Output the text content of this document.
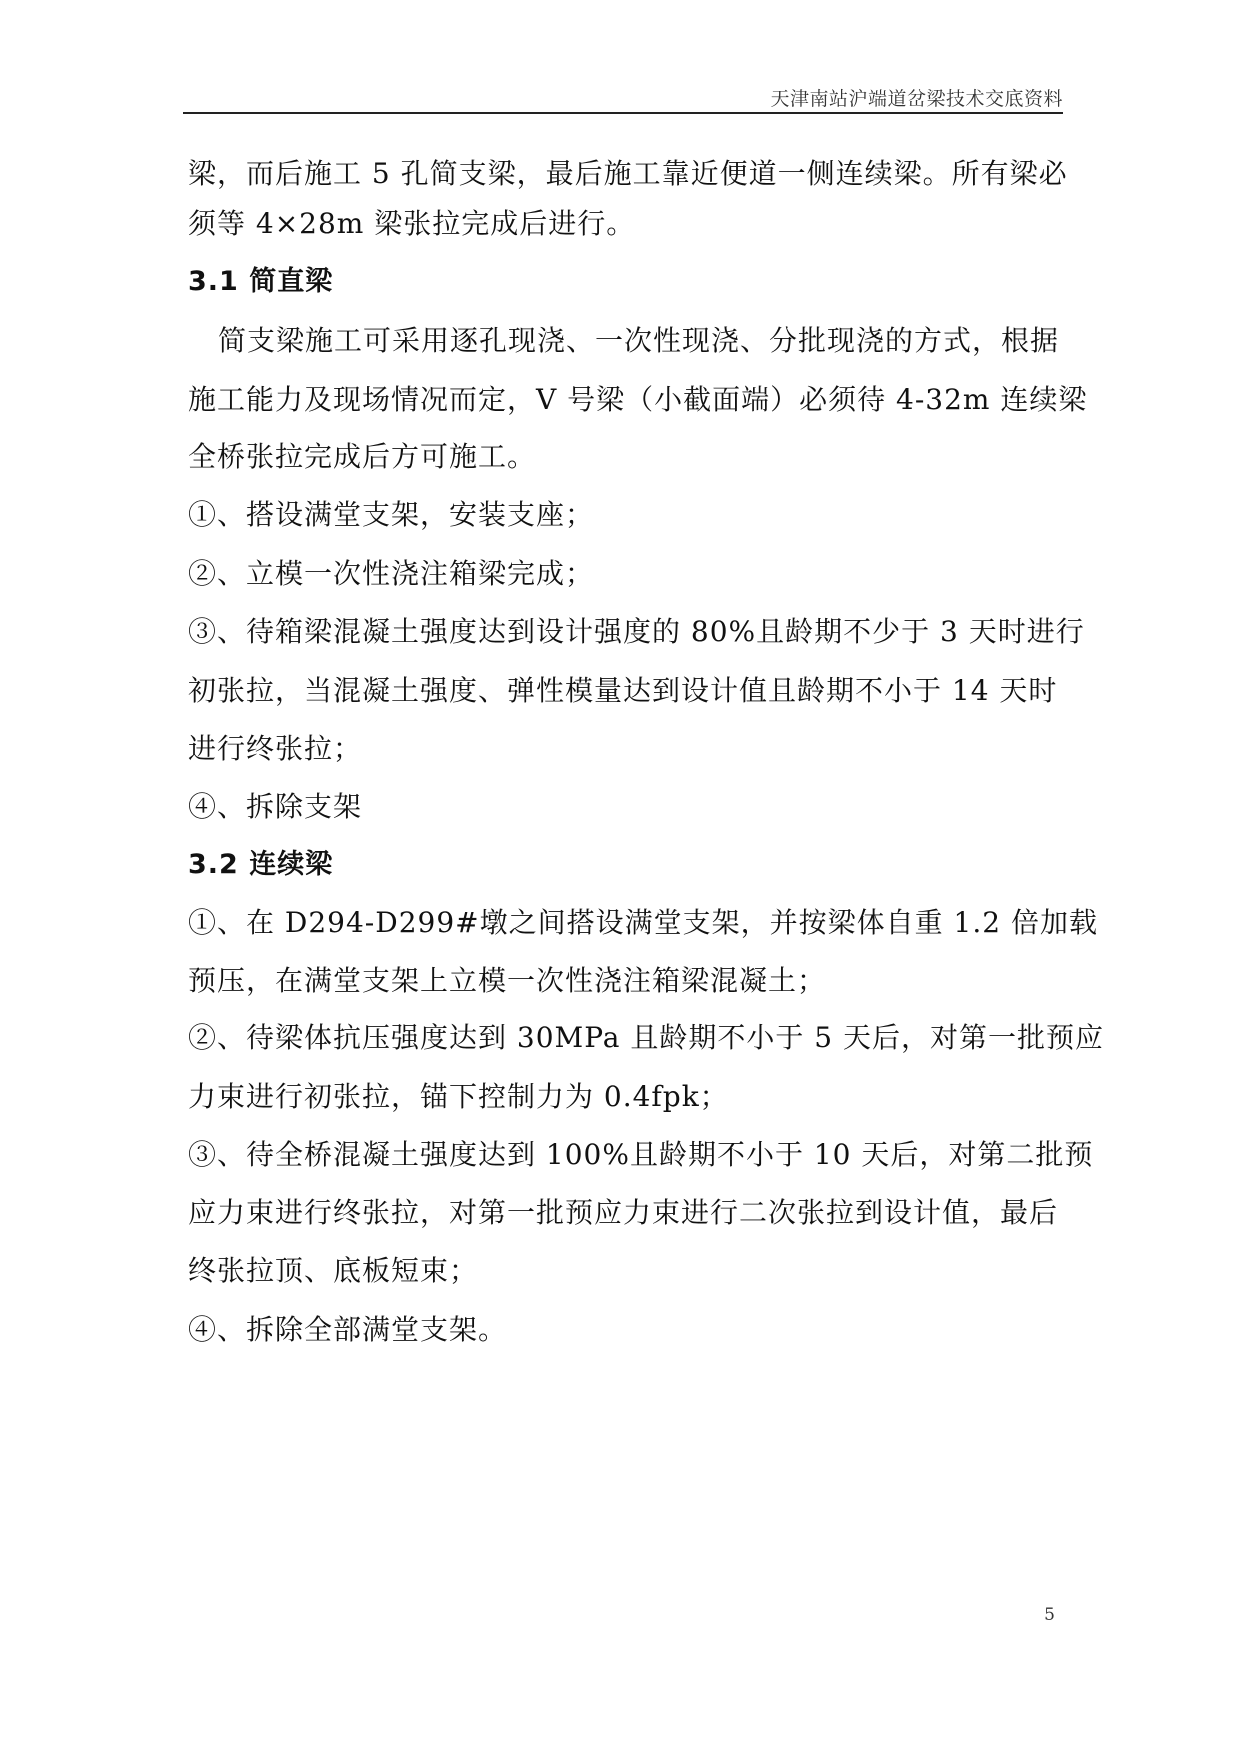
天津南站沪端道岔梁技术交底资料
梁，而后施工 5 孔简支梁，最后施工靠近便道一侧连续梁。所有梁必
须等 4×28m 梁张拉完成后进行。
3.1 简直梁
简支梁施工可采用逐孔现浇、一次性现浇、分批现浇的方式，根据
施工能力及现场情况而定，V 号梁（小截面端）必须待 4-32m 连续梁
全桥张拉完成后方可施工。
①、搭设满堂支架，安装支座；
②、立模一次性浇注箱梁完成；
③、待箱梁混凝土强度达到设计强度的 80%且龄期不少于 3 天时进行
初张拉，当混凝土强度、弹性模量达到设计值且龄期不小于 14 天时
进行终张拉；
④、拆除支架
3.2 连续梁
①、在 D294-D299#墩之间搭设满堂支架，并按梁体自重 1.2 倍加载
预压，在满堂支架上立模一次性浇注箱梁混凝土；
②、待梁体抗压强度达到 30MPa 且龄期不小于 5 天后，对第一批预应
力束进行初张拉，锚下控制力为 0.4fpk；
③、待全桥混凝土强度达到 100%且龄期不小于 10 天后，对第二批预
应力束进行终张拉，对第一批预应力束进行二次张拉到设计值，最后
终张拉顶、底板短束；
④、拆除全部满堂支架。
5
